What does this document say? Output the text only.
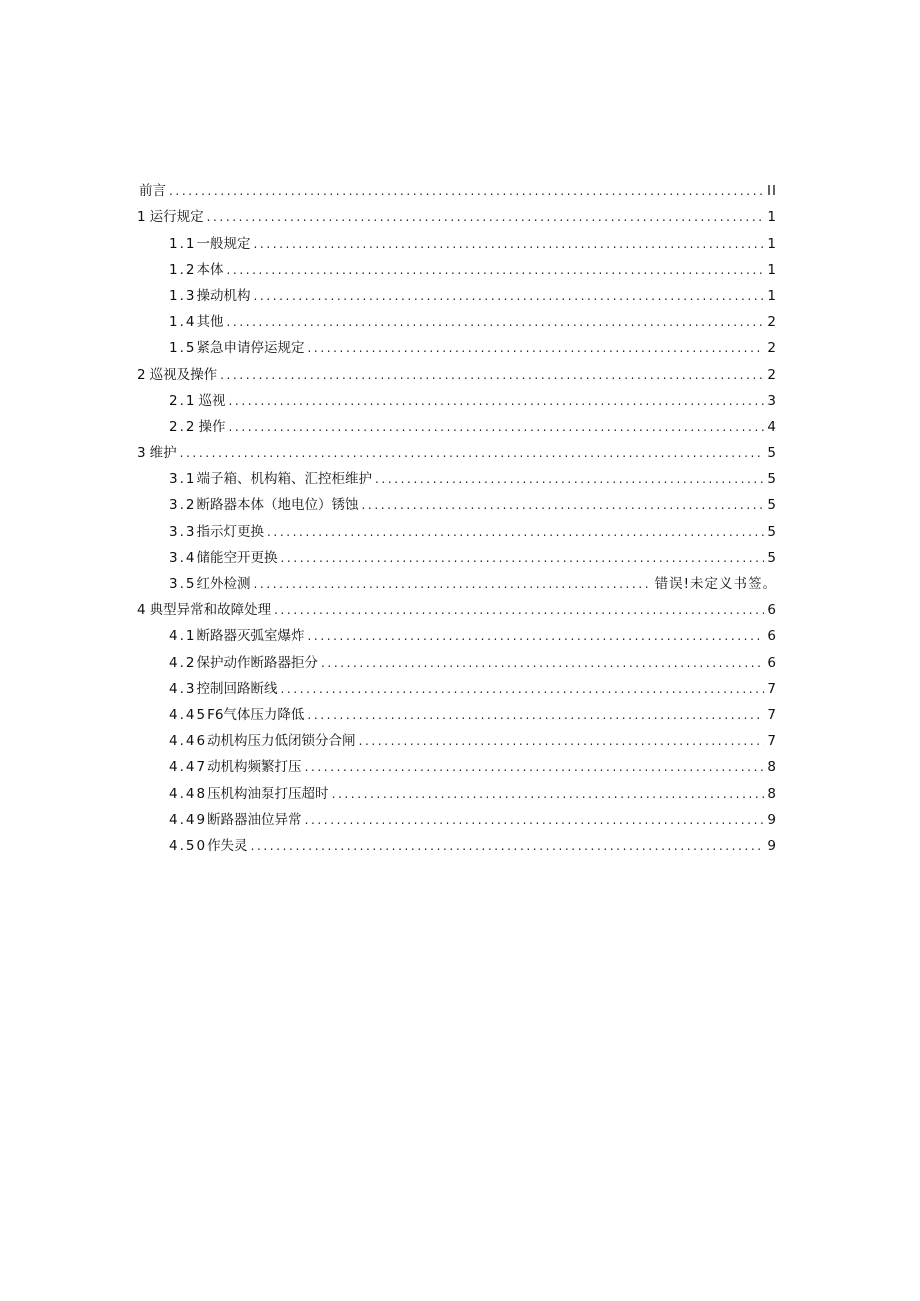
前言 .....	II
1 运行规定 .....	1
1.1 一般规定 .....	1
1.2 本体 .....	1
1.3 操动机构 .....	1
1.4 其他 .....	2
1.5 紧急申请停运规定 .....	2
2 巡视及操作 .....	2
2.1 巡视 .....	3
2.2 操作 .....	4
3 维护 .....	5
3.1 端子箱、机构箱、汇控柜维护 .....	5
3.2 断路器本体（地电位）锈蚀 .....	5
3.3 指示灯更换 .....	5
3.4 储能空开更换 .....	5
3.5 红外检测 .....	错误!未定义书签。
4 典型异常和故障处理 .....	6
4.1 断路器灭弧室爆炸 .....	6
4.2 保护动作断路器拒分 .....	6
4.3 控制回路断线 .....	7
4.45 F6气体压力降低 .....	7
4.46 动机构压力低闭锁分合闸 .....	7
4.47 动机构频繁打压 .....	8
4.48 压机构油泵打压超时 .....	8
4.49 断路器油位异常 .....	9
4.50 作失灵 .....	9
